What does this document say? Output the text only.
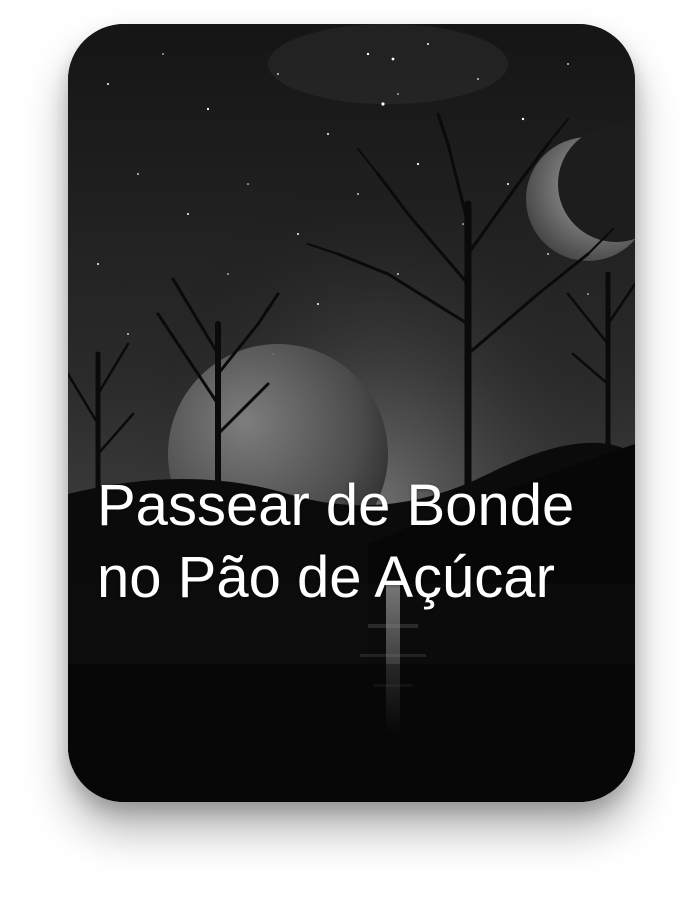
Passear de Bonde no Pão de Açúcar
